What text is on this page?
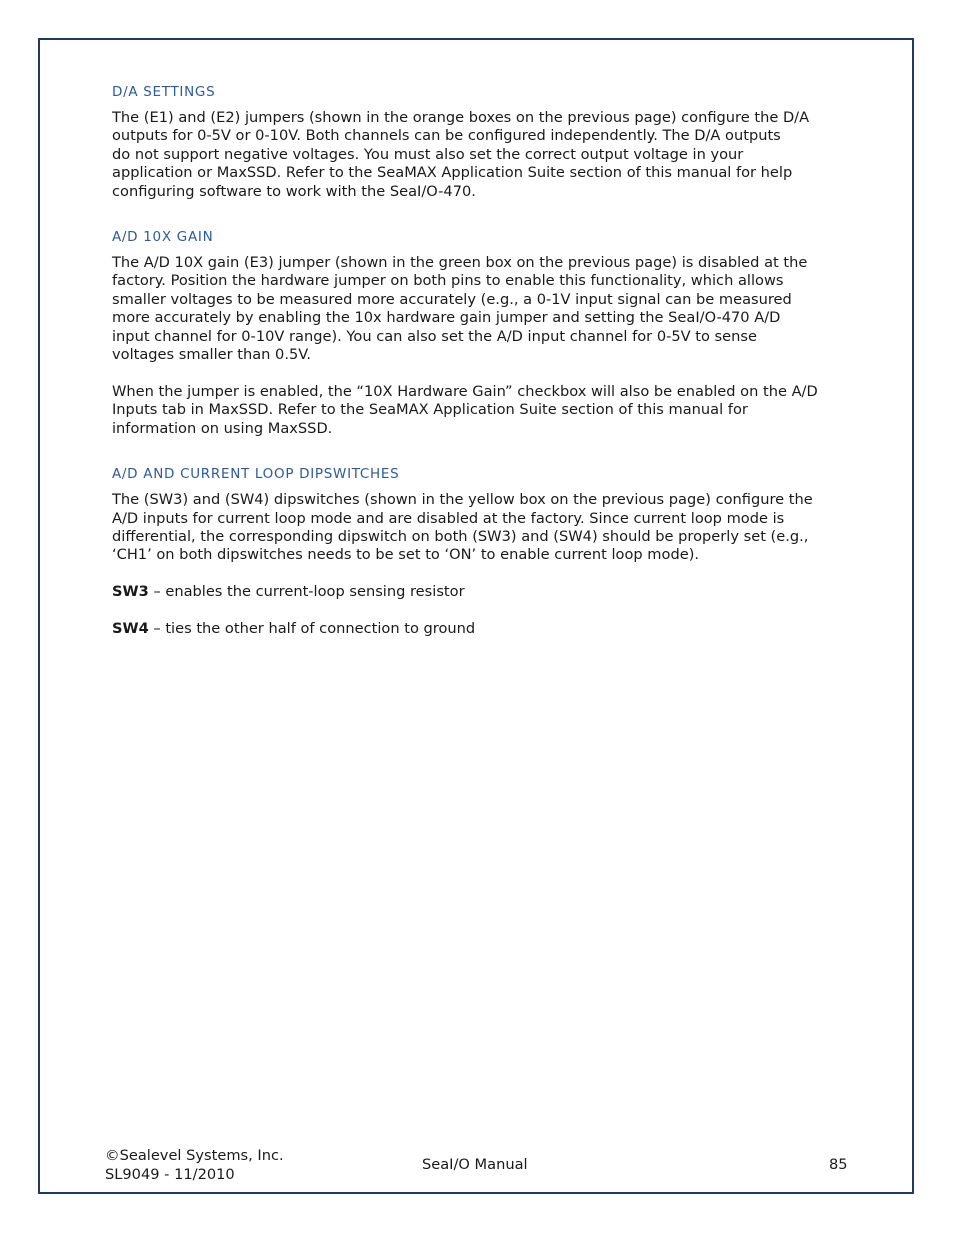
D/A SETTINGS

The (E1) and (E2) jumpers (shown in the orange boxes on the previous page) configure the D/A
outputs for 0-5V or 0-10V. Both channels can be configured independently. The D/A outputs
do not support negative voltages. You must also set the correct output voltage in your
application or MaxSSD. Refer to the SeaMAX Application Suite section of this manual for help
configuring software to work with the SeaI/O-470.

A/D 10X GAIN

The A/D 10X gain (E3) jumper (shown in the green box on the previous page) is disabled at the
factory. Position the hardware jumper on both pins to enable this functionality, which allows
smaller voltages to be measured more accurately (e.g., a 0-1V input signal can be measured
more accurately by enabling the 10x hardware gain jumper and setting the SeaI/O-470 A/D
input channel for 0-10V range). You can also set the A/D input channel for 0-5V to sense
voltages smaller than 0.5V.

When the jumper is enabled, the “10X Hardware Gain” checkbox will also be enabled on the A/D
Inputs tab in MaxSSD. Refer to the SeaMAX Application Suite section of this manual for
information on using MaxSSD.

A/D AND CURRENT LOOP DIPSWITCHES

The (SW3) and (SW4) dipswitches (shown in the yellow box on the previous page) configure the
A/D inputs for current loop mode and are disabled at the factory. Since current loop mode is
differential, the corresponding dipswitch on both (SW3) and (SW4) should be properly set (e.g.,
‘CH1’ on both dipswitches needs to be set to ‘ON’ to enable current loop mode).

SW3 – enables the current-loop sensing resistor

SW4 – ties the other half of connection to ground

©Sealevel Systems, Inc.
SL9049 - 11/2010
SeaI/O Manual	85
